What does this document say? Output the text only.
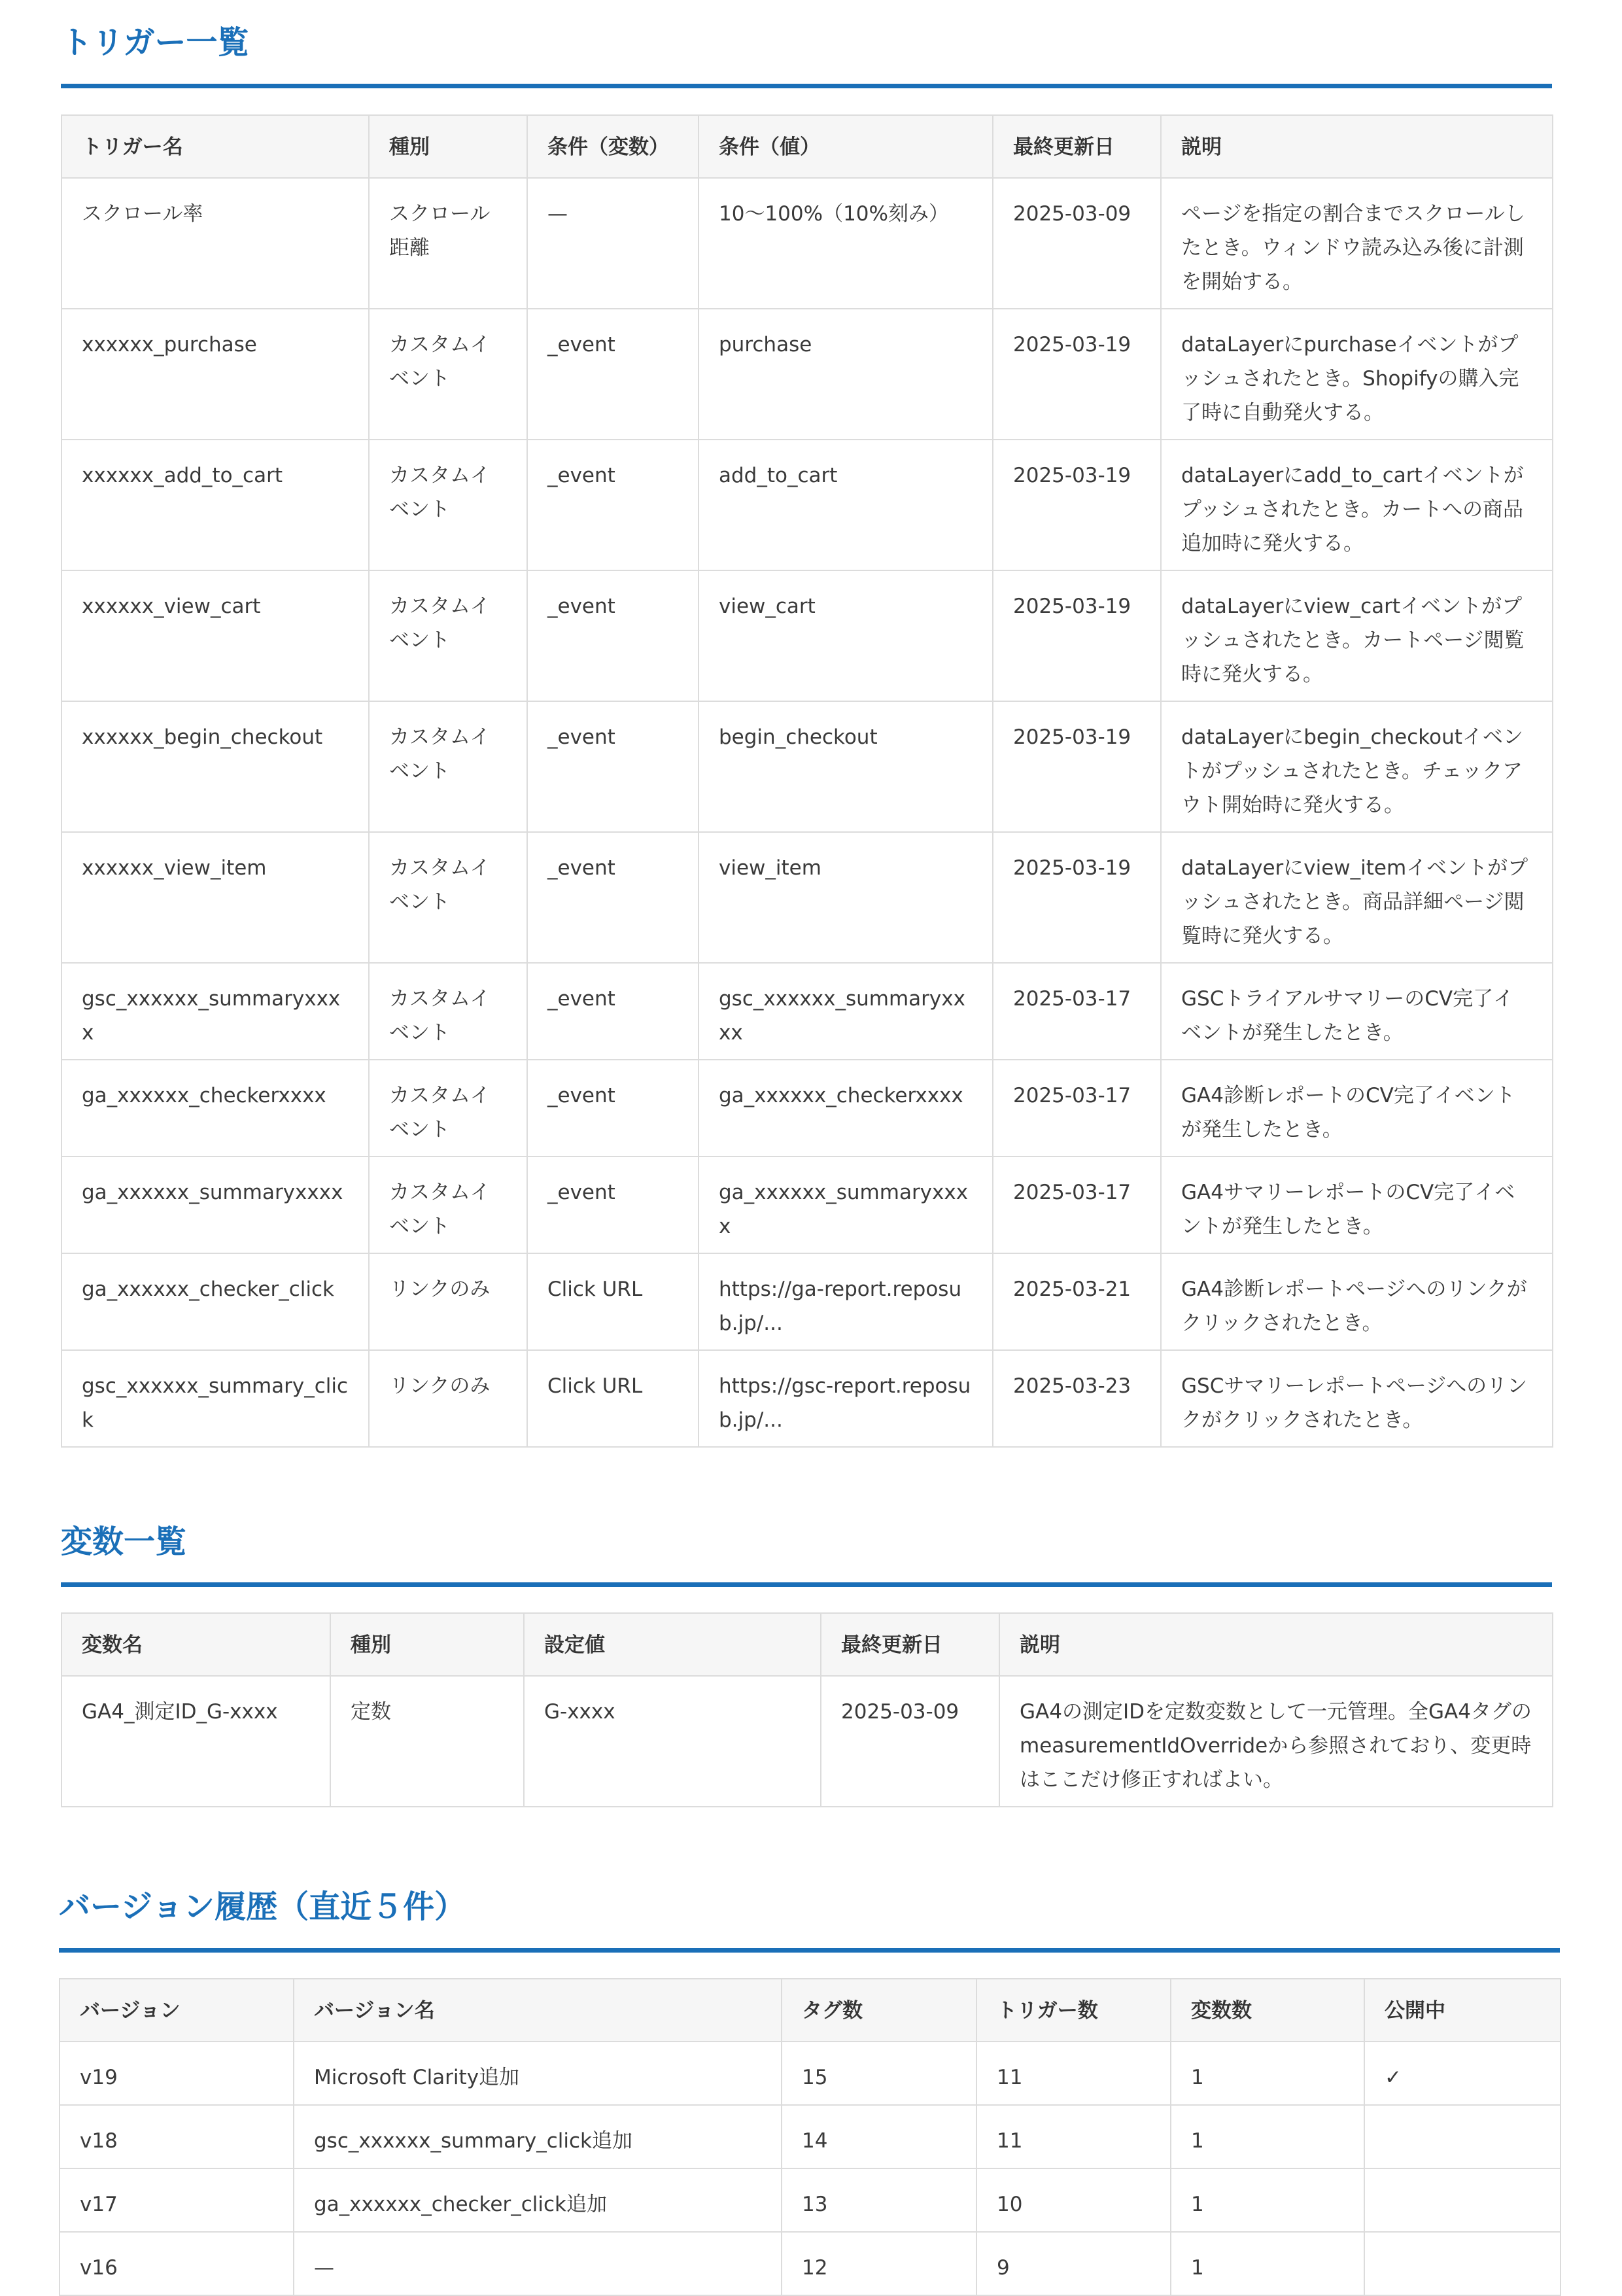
トリガー一覧
トリガー名	種別	条件（変数）	条件（値）	最終更新日	説明
スクロール率	スクロール距離	—	10〜100%（10%刻み）	2025-03-09	ページを指定の割合までスクロールしたとき。ウィンドウ読み込み後に計測を開始する。
xxxxxx_purchase	カスタムイベント	_event	purchase	2025-03-19	dataLayerにpurchaseイベントがプッシュされたとき。Shopifyの購入完了時に自動発火する。
xxxxxx_add_to_cart	カスタムイベント	_event	add_to_cart	2025-03-19	dataLayerにadd_to_cartイベントがプッシュされたとき。カートへの商品追加時に発火する。
xxxxxx_view_cart	カスタムイベント	_event	view_cart	2025-03-19	dataLayerにview_cartイベントがプッシュされたとき。カートページ閲覧時に発火する。
xxxxxx_begin_checkout	カスタムイベント	_event	begin_checkout	2025-03-19	dataLayerにbegin_checkoutイベントがプッシュされたとき。チェックアウト開始時に発火する。
xxxxxx_view_item	カスタムイベント	_event	view_item	2025-03-19	dataLayerにview_itemイベントがプッシュされたとき。商品詳細ページ閲覧時に発火する。
gsc_xxxxxx_summaryxxxx	カスタムイベント	_event	gsc_xxxxxx_summaryxxxx	2025-03-17	GSCトライアルサマリーのCV完了イベントが発生したとき。
ga_xxxxxx_checkerxxxx	カスタムイベント	_event	ga_xxxxxx_checkerxxxx	2025-03-17	GA4診断レポートのCV完了イベントが発生したとき。
ga_xxxxxx_summaryxxxx	カスタムイベント	_event	ga_xxxxxx_summaryxxxx	2025-03-17	GA4サマリーレポートのCV完了イベントが発生したとき。
ga_xxxxxx_checker_click	リンクのみ	Click URL	https://ga-report.reposub.jp/...	2025-03-21	GA4診断レポートページへのリンクがクリックされたとき。
gsc_xxxxxx_summary_click	リンクのみ	Click URL	https://gsc-report.reposub.jp/...	2025-03-23	GSCサマリーレポートページへのリンクがクリックされたとき。
変数一覧
変数名	種別	設定値	最終更新日	説明
GA4_測定ID_G-xxxx	定数	G-xxxx	2025-03-09	GA4の測定IDを定数変数として一元管理。全GA4タグのmeasurementIdOverrideから参照されており、変更時はここだけ修正すればよい。
バージョン履歴（直近５件）
バージョン	バージョン名	タグ数	トリガー数	変数数	公開中
v19	Microsoft Clarity追加	15	11	1	✓
v18	gsc_xxxxxx_summary_click追加	14	11	1	
v17	ga_xxxxxx_checker_click追加	13	10	1	
v16	—	12	9	1	
